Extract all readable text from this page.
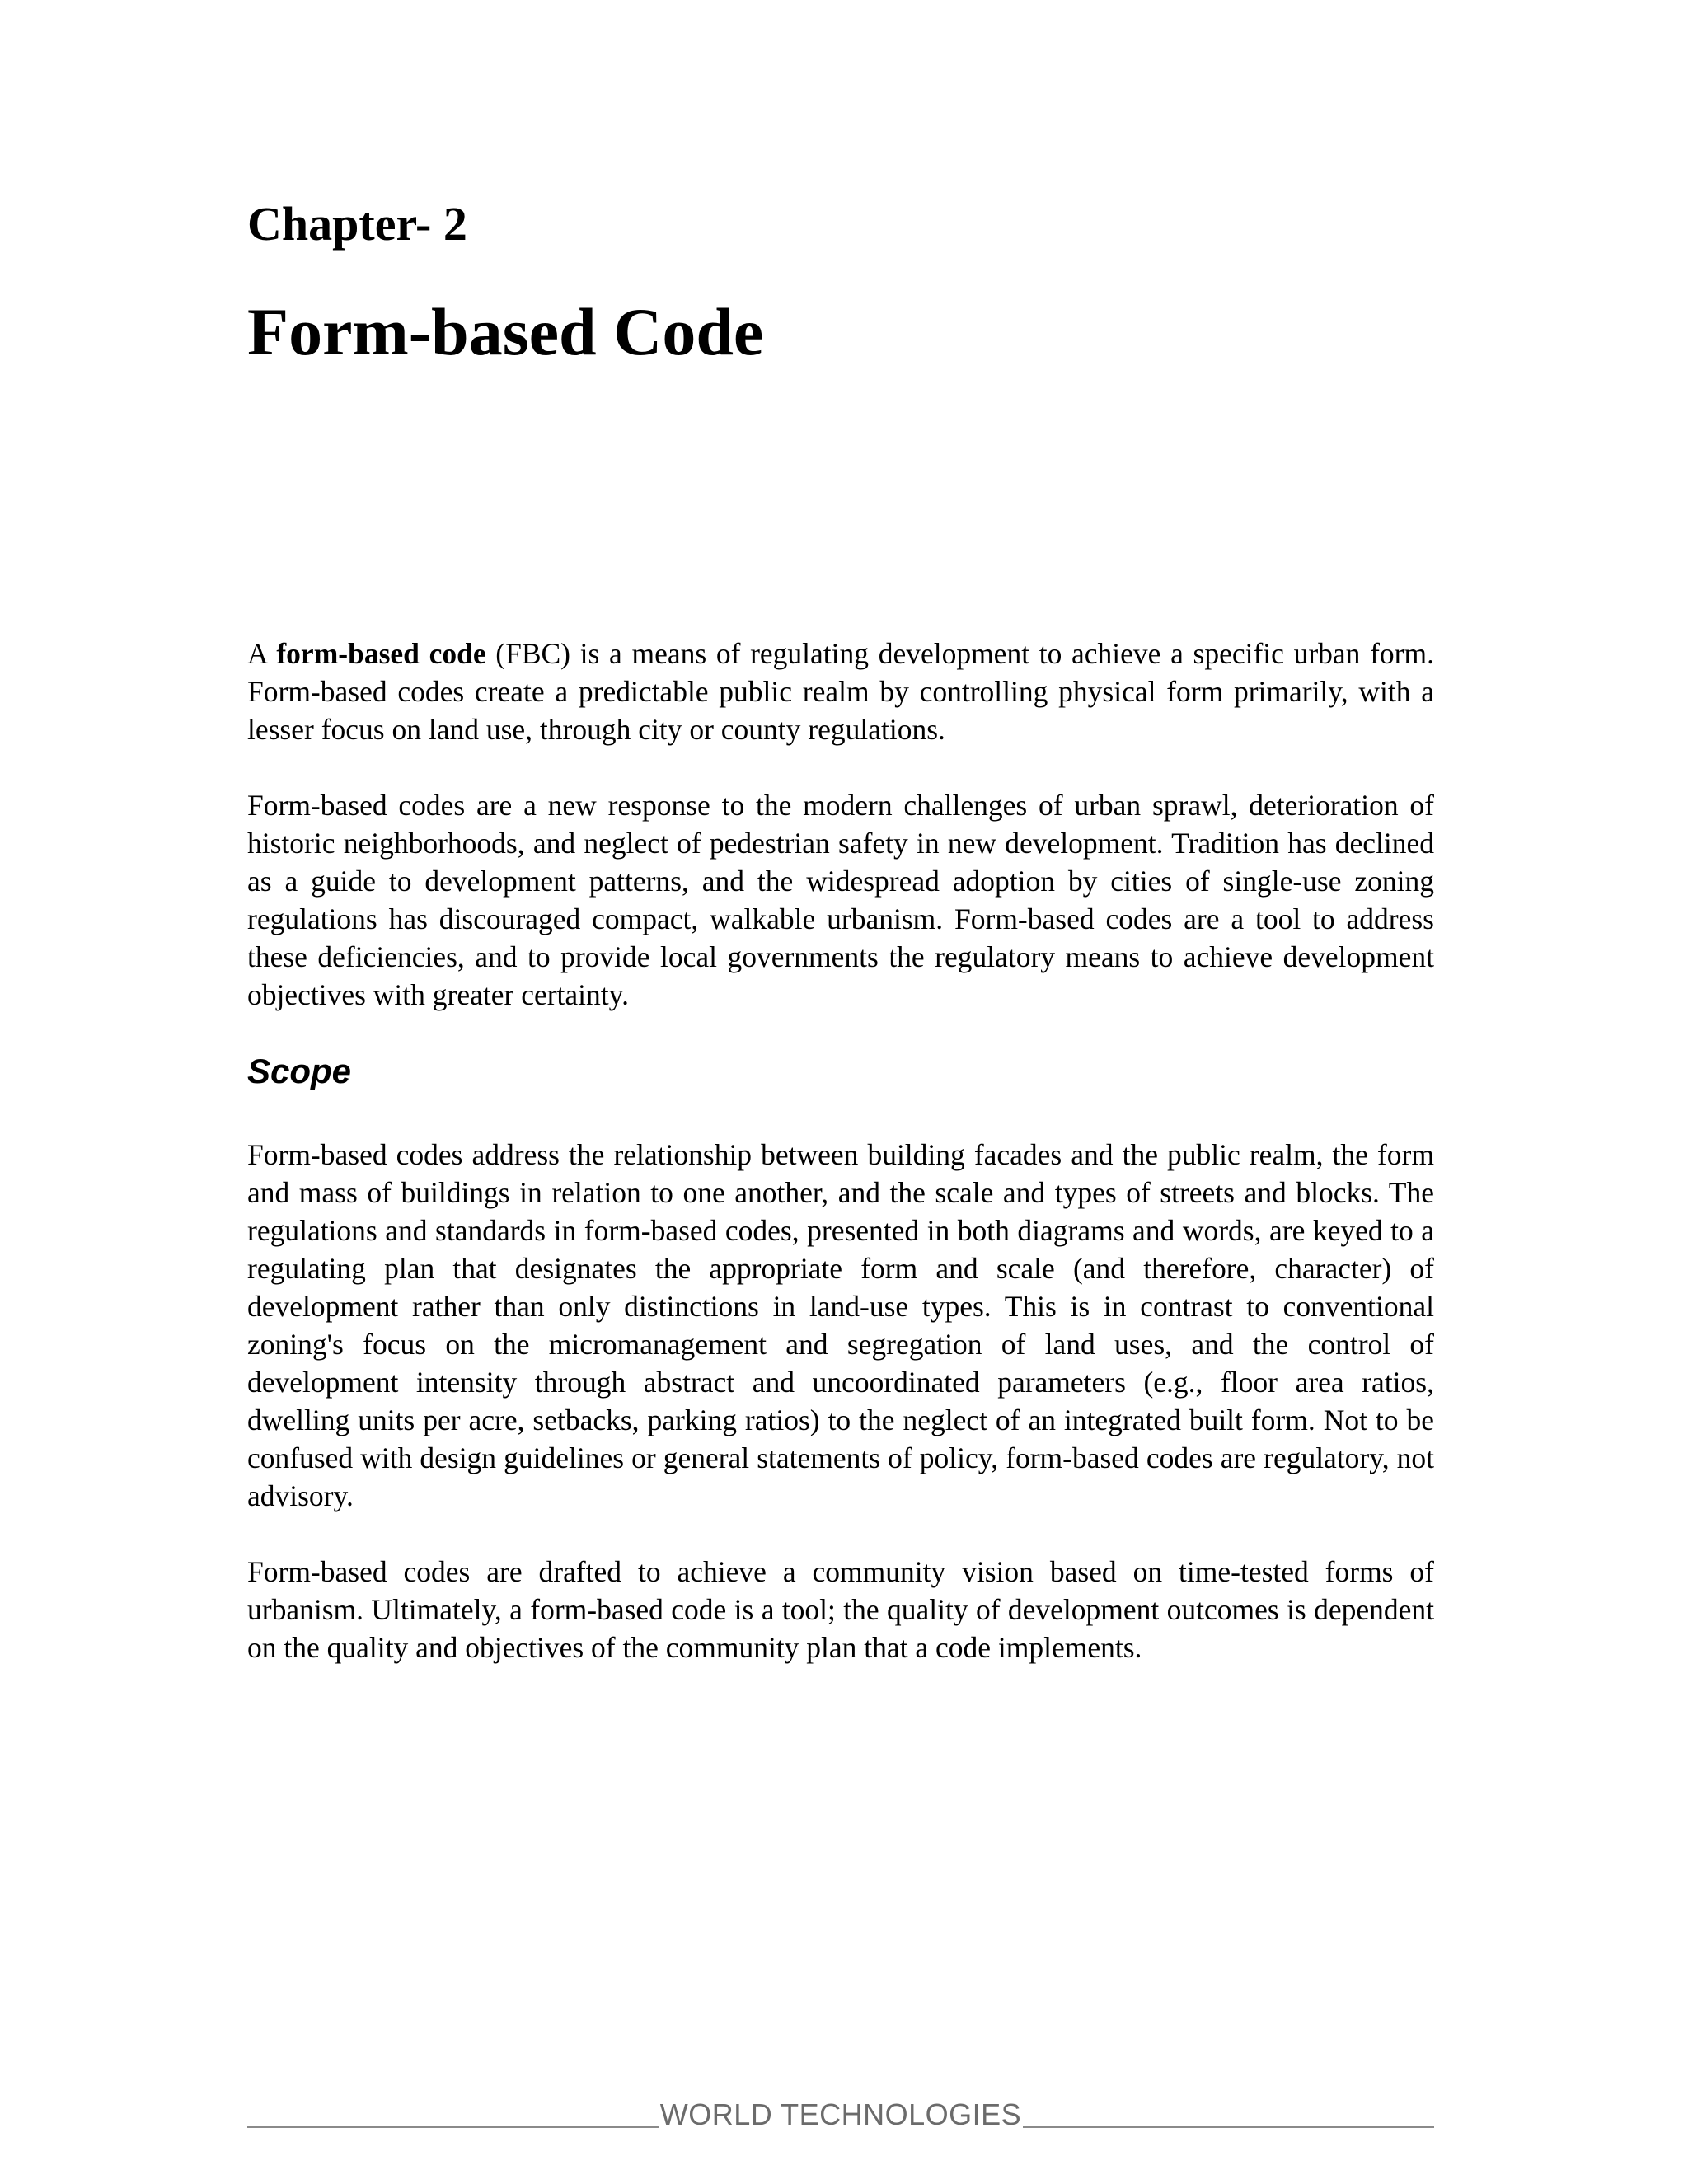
Chapter- 2
Form-based Code

A form-based code (FBC) is a means of regulating development to achieve a specific urban form. Form-based codes create a predictable public realm by controlling physical form primarily, with a lesser focus on land use, through city or county regulations.

Form-based codes are a new response to the modern challenges of urban sprawl, deterioration of historic neighborhoods, and neglect of pedestrian safety in new development. Tradition has declined as a guide to development patterns, and the widespread adoption by cities of single-use zoning regulations has discouraged compact, walkable urbanism. Form-based codes are a tool to address these deficiencies, and to provide local governments the regulatory means to achieve development objectives with greater certainty.

Scope

Form-based codes address the relationship between building facades and the public realm, the form and mass of buildings in relation to one another, and the scale and types of streets and blocks. The regulations and standards in form-based codes, presented in both diagrams and words, are keyed to a regulating plan that designates the appropriate form and scale (and therefore, character) of development rather than only distinctions in land-use types. This is in contrast to conventional zoning's focus on the micromanagement and segregation of land uses, and the control of development intensity through abstract and uncoordinated parameters (e.g., floor area ratios, dwelling units per acre, setbacks, parking ratios) to the neglect of an integrated built form. Not to be confused with design guidelines or general statements of policy, form-based codes are regulatory, not advisory.

Form-based codes are drafted to achieve a community vision based on time-tested forms of urbanism. Ultimately, a form-based code is a tool; the quality of development outcomes is dependent on the quality and objectives of the community plan that a code implements.

WORLD TECHNOLOGIES
